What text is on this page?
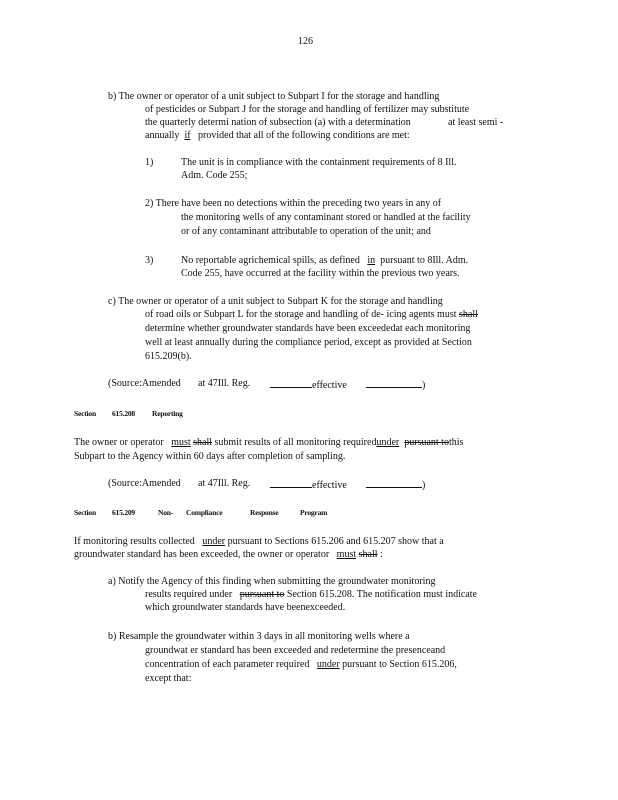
126
b) The owner or operator of a unit subject to Subpart I for the storage and handling
of pesticides or Subpart J for the storage and handling of fertilizer may substitute
the quarterly determi nation of subsection (a) with a determination	at least semi -
annually if provided that all of the following conditions are met:
1)	The unit is in compliance with the containment requirements of 8 Ill.
Adm. Code 255;
2) There have been no detections within the preceding two years in any of
the monitoring wells of any contaminant stored or handled at the facility
or of any contaminant attributable to operation of the unit; and
3)	No reportable agrichemical spills, as defined in pursuant to 8Ill. Adm.
Code 255, have occurred at the facility within the previous two years.
c) The owner or operator of a unit subject to Subpart K for the storage and handling
of road oils or Subpart L for the storage and handling of de- icing agents must shall
determine whether groundwater standards have been exceededat each monitoring
well at least annually during the compliance period, except as provided at Section
615.209(b).
(Source:Amended at 47Ill. Reg.	effective	)
Section 615.208 Reporting
The owner or operator must shall submit results of all monitoring requiredunder pursuant tothis
Subpart to the Agency within 60 days after completion of sampling.
(Source:Amended at 47Ill. Reg.	effective	)
Section 615.209	Non- Compliance	Response	Program
If monitoring results collected under pursuant to Sections 615.206 and 615.207 show that a
groundwater standard has been exceeded, the owner or operator must shall :
a) Notify the Agency of this finding when submitting the groundwater monitoring
results required under pursuant to Section 615.208. The notification must indicate
which groundwater standards have beenexceeded.
b) Resample the groundwater within 3 days in all monitoring wells where a
groundwat er standard has been exceeded and redetermine the presenceand
concentration of each parameter required under pursuant to Section 615.206,
except that:
